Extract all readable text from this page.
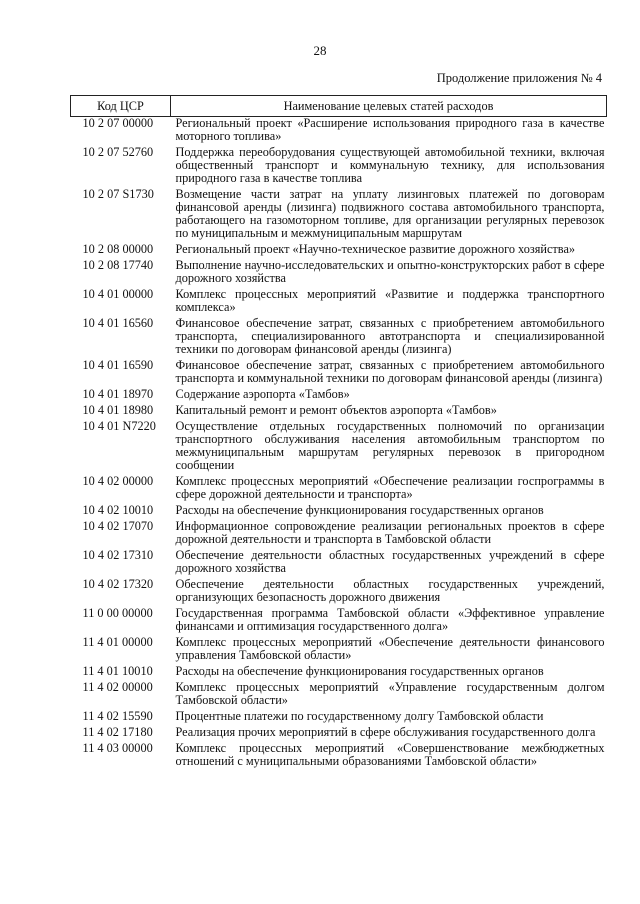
28
Продолжение приложения № 4
Код ЦСР	Наименование целевых статей расходов
10 2 07 00000	Региональный проект «Расширение использования природного газа в качестве моторного топлива»
10 2 07 52760	Поддержка переоборудования существующей автомобильной техники, включая общественный транспорт и коммунальную технику, для использования природного газа в качестве топлива
10 2 07 S1730	Возмещение части затрат на уплату лизинговых платежей по договорам финансовой аренды (лизинга) подвижного состава автомобильного транспорта, работающего на газомоторном топливе, для организации регулярных перевозок по муниципальным и межмуниципальным маршрутам
10 2 08 00000	Региональный проект «Научно-техническое развитие дорожного хозяйства»
10 2 08 17740	Выполнение научно-исследовательских и опытно-конструкторских работ в сфере дорожного хозяйства
10 4 01 00000	Комплекс процессных мероприятий «Развитие и поддержка транспортного комплекса»
10 4 01 16560	Финансовое обеспечение затрат, связанных с приобретением автомобильного транспорта, специализированного автотранспорта и специализированной техники по договорам финансовой аренды (лизинга)
10 4 01 16590	Финансовое обеспечение затрат, связанных с приобретением автомобильного транспорта и коммунальной техники по договорам финансовой аренды (лизинга)
10 4 01 18970	Содержание аэропорта «Тамбов»
10 4 01 18980	Капитальный ремонт и ремонт объектов аэропорта «Тамбов»
10 4 01 N7220	Осуществление отдельных государственных полномочий по организации транспортного обслуживания населения автомобильным транспортом по межмуниципальным маршрутам регулярных перевозок в пригородном сообщении
10 4 02 00000	Комплекс процессных мероприятий «Обеспечение реализации госпрограммы в сфере дорожной деятельности и транспорта»
10 4 02 10010	Расходы на обеспечение функционирования государственных органов
10 4 02 17070	Информационное сопровождение реализации региональных проектов в сфере дорожной деятельности и транспорта в Тамбовской области
10 4 02 17310	Обеспечение деятельности областных государственных учреждений в сфере дорожного хозяйства
10 4 02 17320	Обеспечение деятельности областных государственных учреждений, организующих безопасность дорожного движения
11 0 00 00000	Государственная программа Тамбовской области «Эффективное управление финансами и оптимизация государственного долга»
11 4 01 00000	Комплекс процессных мероприятий «Обеспечение деятельности финансового управления Тамбовской области»
11 4 01 10010	Расходы на обеспечение функционирования государственных органов
11 4 02 00000	Комплекс процессных мероприятий «Управление государственным долгом Тамбовской области»
11 4 02 15590	Процентные платежи по государственному долгу Тамбовской области
11 4 02 17180	Реализация прочих мероприятий в сфере обслуживания государственного долга
11 4 03 00000	Комплекс процессных мероприятий «Совершенствование межбюджетных отношений с муниципальными образованиями Тамбовской области»
